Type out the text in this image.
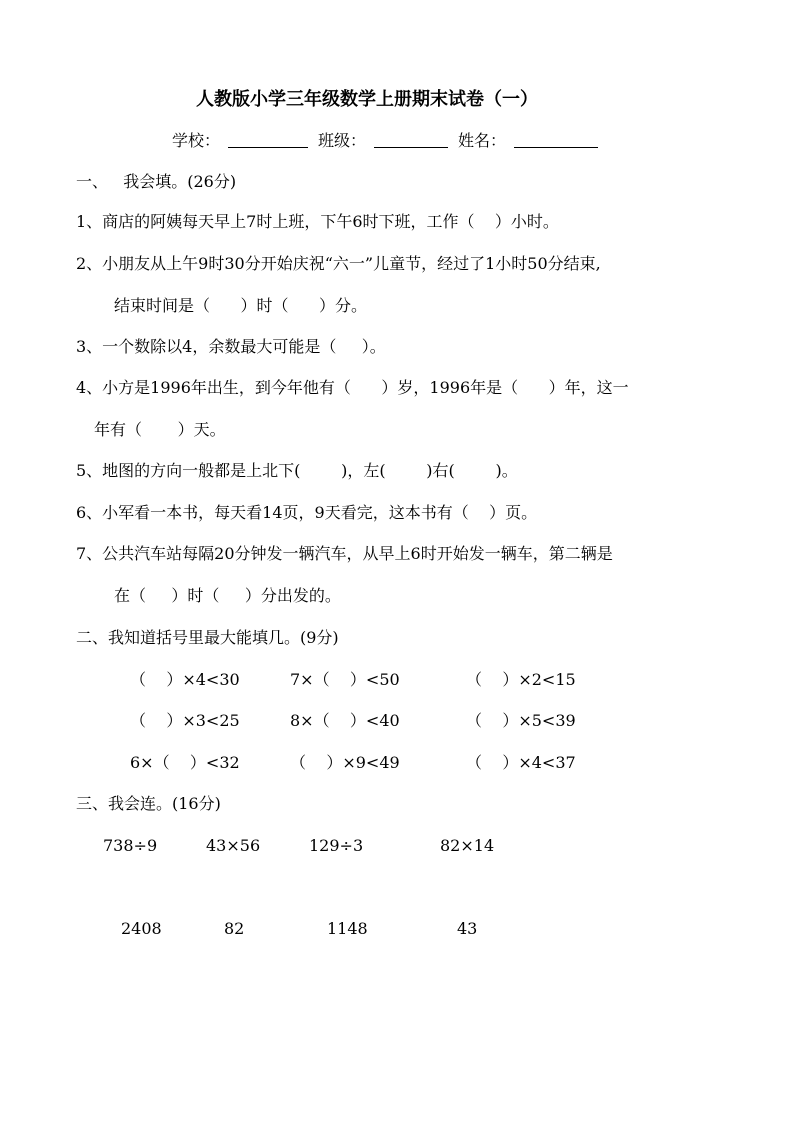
人教版小学三年级数学上册期末试卷（一）
学校：	班级：	姓名：
一、   我会填。(26分)
1、商店的阿姨每天早上7时上班，下午6时下班，工作（    ）小时。
2、小朋友从上午9时30分开始庆祝“六一”儿童节，经过了1小时50分结束,
结束时间是（      ）时（      ）分。
3、一个数除以4，余数最大可能是（     ）。
4、小方是1996年出生，到今年他有（      ）岁，1996年是（      ）年，这一
年有（       ）天。
5、地图的方向一般都是上北下(        )，左(        )右(        )。
6、小军看一本书，每天看14页，9天看完，这本书有（    ）页。
7、公共汽车站每隔20分钟发一辆汽车，从早上6时开始发一辆车，第二辆是
在（     ）时（     ）分出发的。
二、我知道括号里最大能填几。(9分)
（    ）×4<30	7×（    ）<50	（    ）×2<15
（    ）×3<25	8×（    ）<40	（    ）×5<39
6×（    ）<32	（    ）×9<49	（    ）×4<37
三、我会连。(16分)
738÷9	43×56	129÷3	82×14
2408	82	1148	43
